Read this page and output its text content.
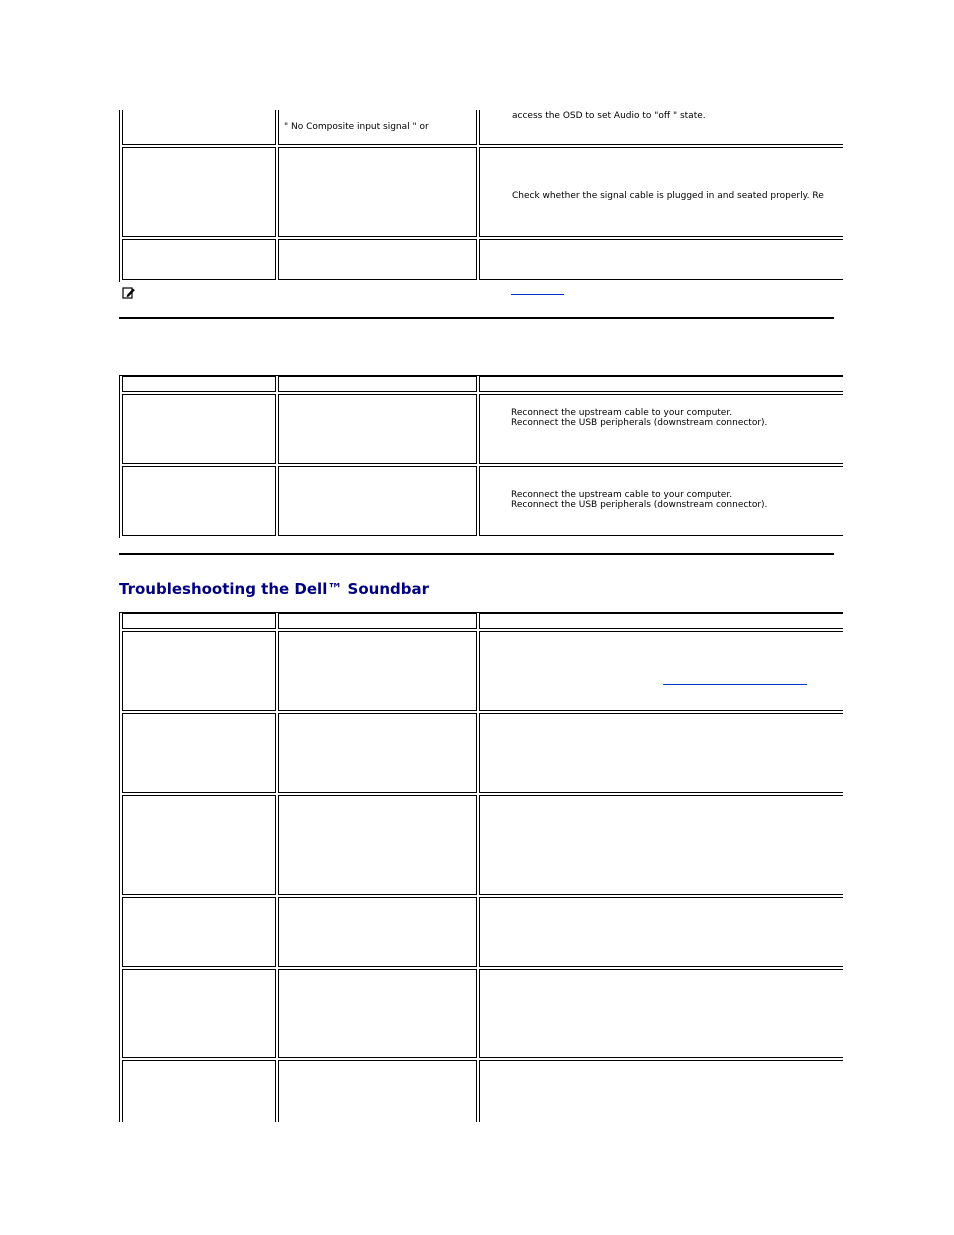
" No Composite input signal " or
access the OSD to set Audio to "off " state.
Check whether the signal cable is plugged in and seated properly. Re
Reconnect the upstream cable to your computer.
Reconnect the USB peripherals (downstream connector).
Reconnect the upstream cable to your computer.
Reconnect the USB peripherals (downstream connector).
Troubleshooting the Dell™ Soundbar
